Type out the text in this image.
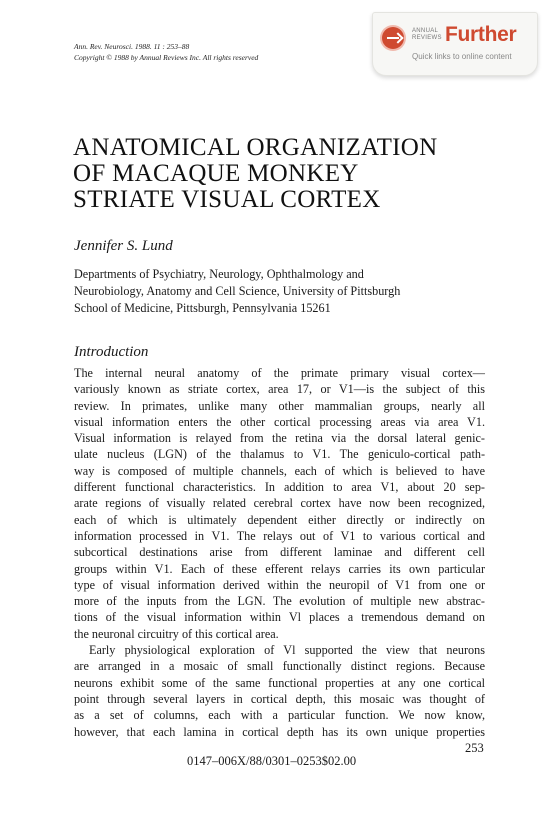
Ann. Rev. Neurosci. 1988. 11 : 253–88
Copyright © 1988 by Annual Reviews Inc. All rights reserved
ANNUAL
REVIEWS Further
Quick links to online content
ANATOMICAL ORGANIZATION
OF MACAQUE MONKEY
STRIATE VISUAL CORTEX
Jennifer S. Lund
Departments of Psychiatry, Neurology, Ophthalmology and
Neurobiology, Anatomy and Cell Science, University of Pittsburgh
School of Medicine, Pittsburgh, Pennsylvania 15261
Introduction
The internal neural anatomy of the primate primary visual cortex—
variously known as striate cortex, area 17, or V1—is the subject of this
review. In primates, unlike many other mammalian groups, nearly all
visual information enters the other cortical processing areas via area V1.
Visual information is relayed from the retina via the dorsal lateral genic-
ulate nucleus (LGN) of the thalamus to V1. The geniculo-cortical path-
way is composed of multiple channels, each of which is believed to have
different functional characteristics. In addition to area V1, about 20 sep-
arate regions of visually related cerebral cortex have now been recognized,
each of which is ultimately dependent either directly or indirectly on
information processed in V1. The relays out of V1 to various cortical and
subcortical destinations arise from different laminae and different cell
groups within V1. Each of these efferent relays carries its own particular
type of visual information derived within the neuropil of V1 from one or
more of the inputs from the LGN. The evolution of multiple new abstrac-
tions of the visual information within Vl places a tremendous demand on
the neuronal circuitry of this cortical area.
Early physiological exploration of Vl supported the view that neurons
are arranged in a mosaic of small functionally distinct regions. Because
neurons exhibit some of the same functional properties at any one cortical
point through several layers in cortical depth, this mosaic was thought of
as a set of columns, each with a particular function. We now know,
however, that each lamina in cortical depth has its own unique properties
253
0147–006X/88/0301–0253$02.00
